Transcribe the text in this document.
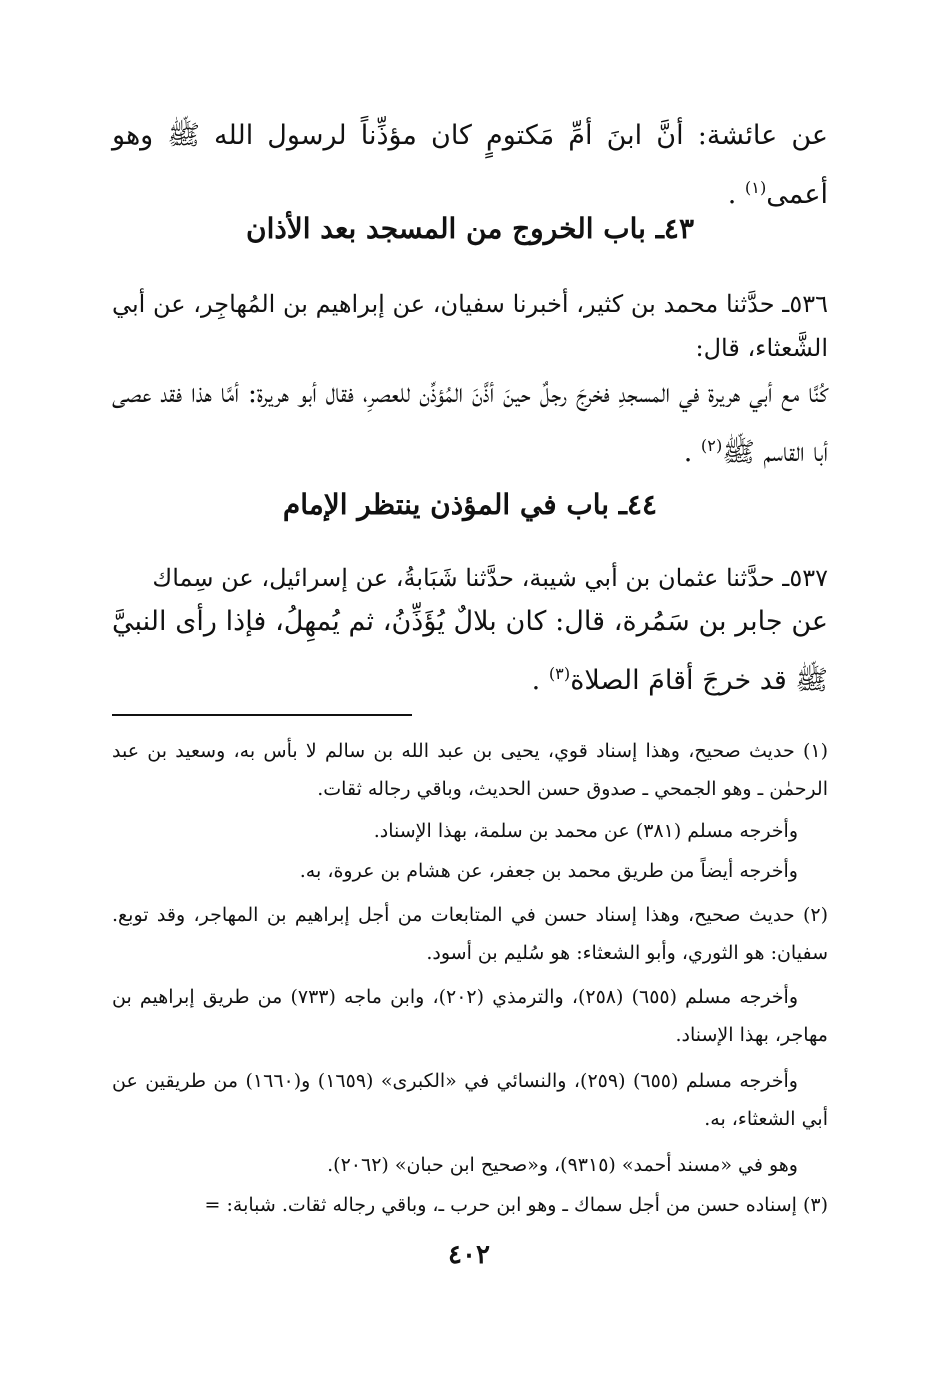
عن عائشة: أنَّ ابنَ أمِّ مَكتومٍ كان مؤذِّناً لرسول الله ﷺ وهو أعمى$^{(١)}$ .

٤٣ـ باب الخروج من المسجد بعد الأذان

٥٣٦ـ حدَّثنا محمد بن كثير، أخبرنا سفيان، عن إبراهيم بن المُهاجِر، عن أبي الشَّعثاء، قال:

كُنَّا مع أبي هريرة في المسجدِ فخرجَ رجلٌ حينَ أذَّنَ المُؤذِّن للعصرِ، فقال أبو هريرة: أمَّا هذا فقد عصى أبا القاسم ﷺ$^{(٢)}$ .

٤٤ـ باب في المؤذن ينتظر الإمام

٥٣٧ـ حدَّثنا عثمان بن أبي شيبة، حدَّثنا شَبَابةُ، عن إسرائيل، عن سِماك

عن جابر بن سَمُرة، قال: كان بلالٌ يُؤَذِّنُ، ثم يُمهِلُ، فإذا رأى النبيَّ ﷺ قد خرجَ أقامَ الصلاة$^{(٣)}$ .

(١) حديث صحيح، وهذا إسناد قوي، يحيى بن عبد الله بن سالم لا بأس به، وسعيد بن عبد الرحمٰن ـ وهو الجمحي ـ صدوق حسن الحديث، وباقي رجاله ثقات.

وأخرجه مسلم (٣٨١) عن محمد بن سلمة، بهذا الإسناد.

وأخرجه أيضاً من طريق محمد بن جعفر، عن هشام بن عروة، به.

(٢) حديث صحيح، وهذا إسناد حسن في المتابعات من أجل إبراهيم بن المهاجر، وقد توبع. سفيان: هو الثوري، وأبو الشعثاء: هو سُليم بن أسود.

وأخرجه مسلم (٦٥٥) (٢٥٨)، والترمذي (٢٠٢)، وابن ماجه (٧٣٣) من طريق إبراهيم بن مهاجر، بهذا الإسناد.

وأخرجه مسلم (٦٥٥) (٢٥٩)، والنسائي في «الكبرى» (١٦٥٩) و(١٦٦٠) من طريقين عن أبي الشعثاء، به.

وهو في «مسند أحمد» (٩٣١٥)، و«صحيح ابن حبان» (٢٠٦٢).

(٣) إسناده حسن من أجل سماك ـ وهو ابن حرب ـ، وباقي رجاله ثقات. شبابة: =

٤٠٢
